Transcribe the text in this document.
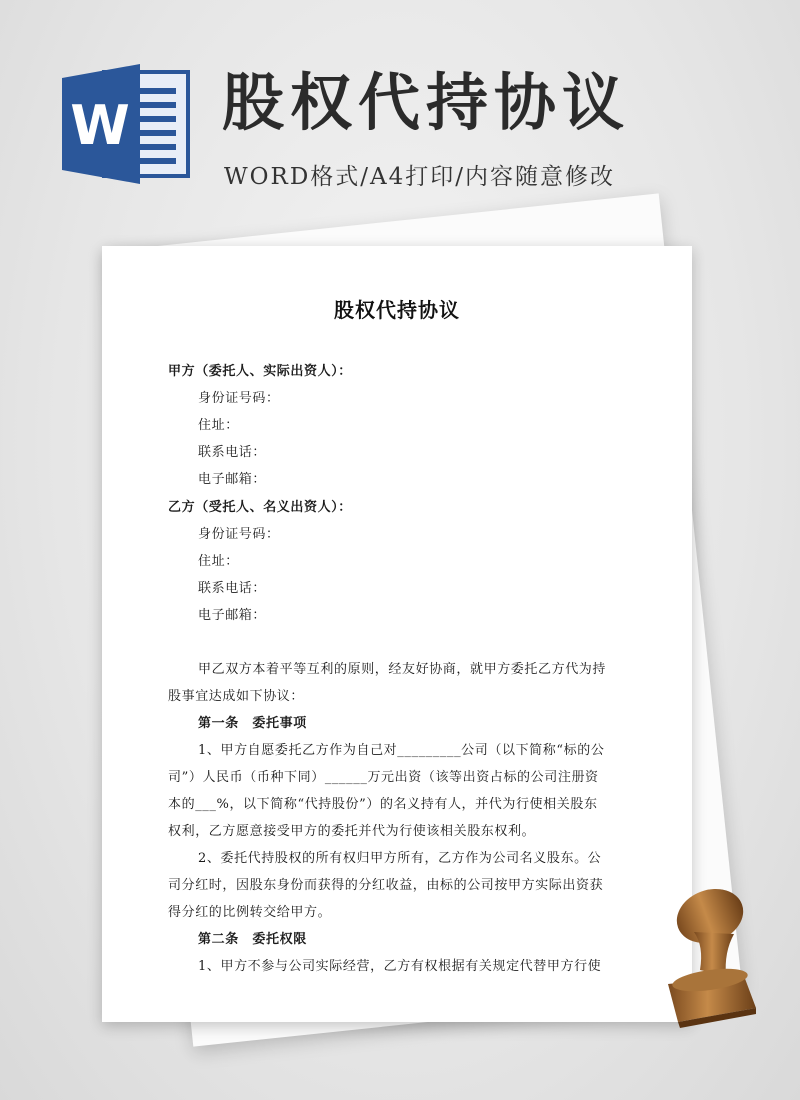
W 股权代持协议
WORD格式/A4打印/内容随意修改
股权代持协议
甲方（委托人、实际出资人）：
身份证号码：
住址：
联系电话：
电子邮箱：
乙方（受托人、名义出资人）：
身份证号码：
住址：
联系电话：
电子邮箱：
甲乙双方本着平等互利的原则，经友好协商，就甲方委托乙方代为持
股事宜达成如下协议：
第一条　委托事项
1、甲方自愿委托乙方作为自己对_________公司（以下简称“标的公
司”）人民币（币种下同）______万元出资（该等出资占标的公司注册资
本的___%，以下简称“代持股份”）的名义持有人，并代为行使相关股东
权利，乙方愿意接受甲方的委托并代为行使该相关股东权利。
2、委托代持股权的所有权归甲方所有，乙方作为公司名义股东。公
司分红时，因股东身份而获得的分红收益，由标的公司按甲方实际出资获
得分红的比例转交给甲方。
第二条　委托权限
1、甲方不参与公司实际经营，乙方有权根据有关规定代替甲方行使
